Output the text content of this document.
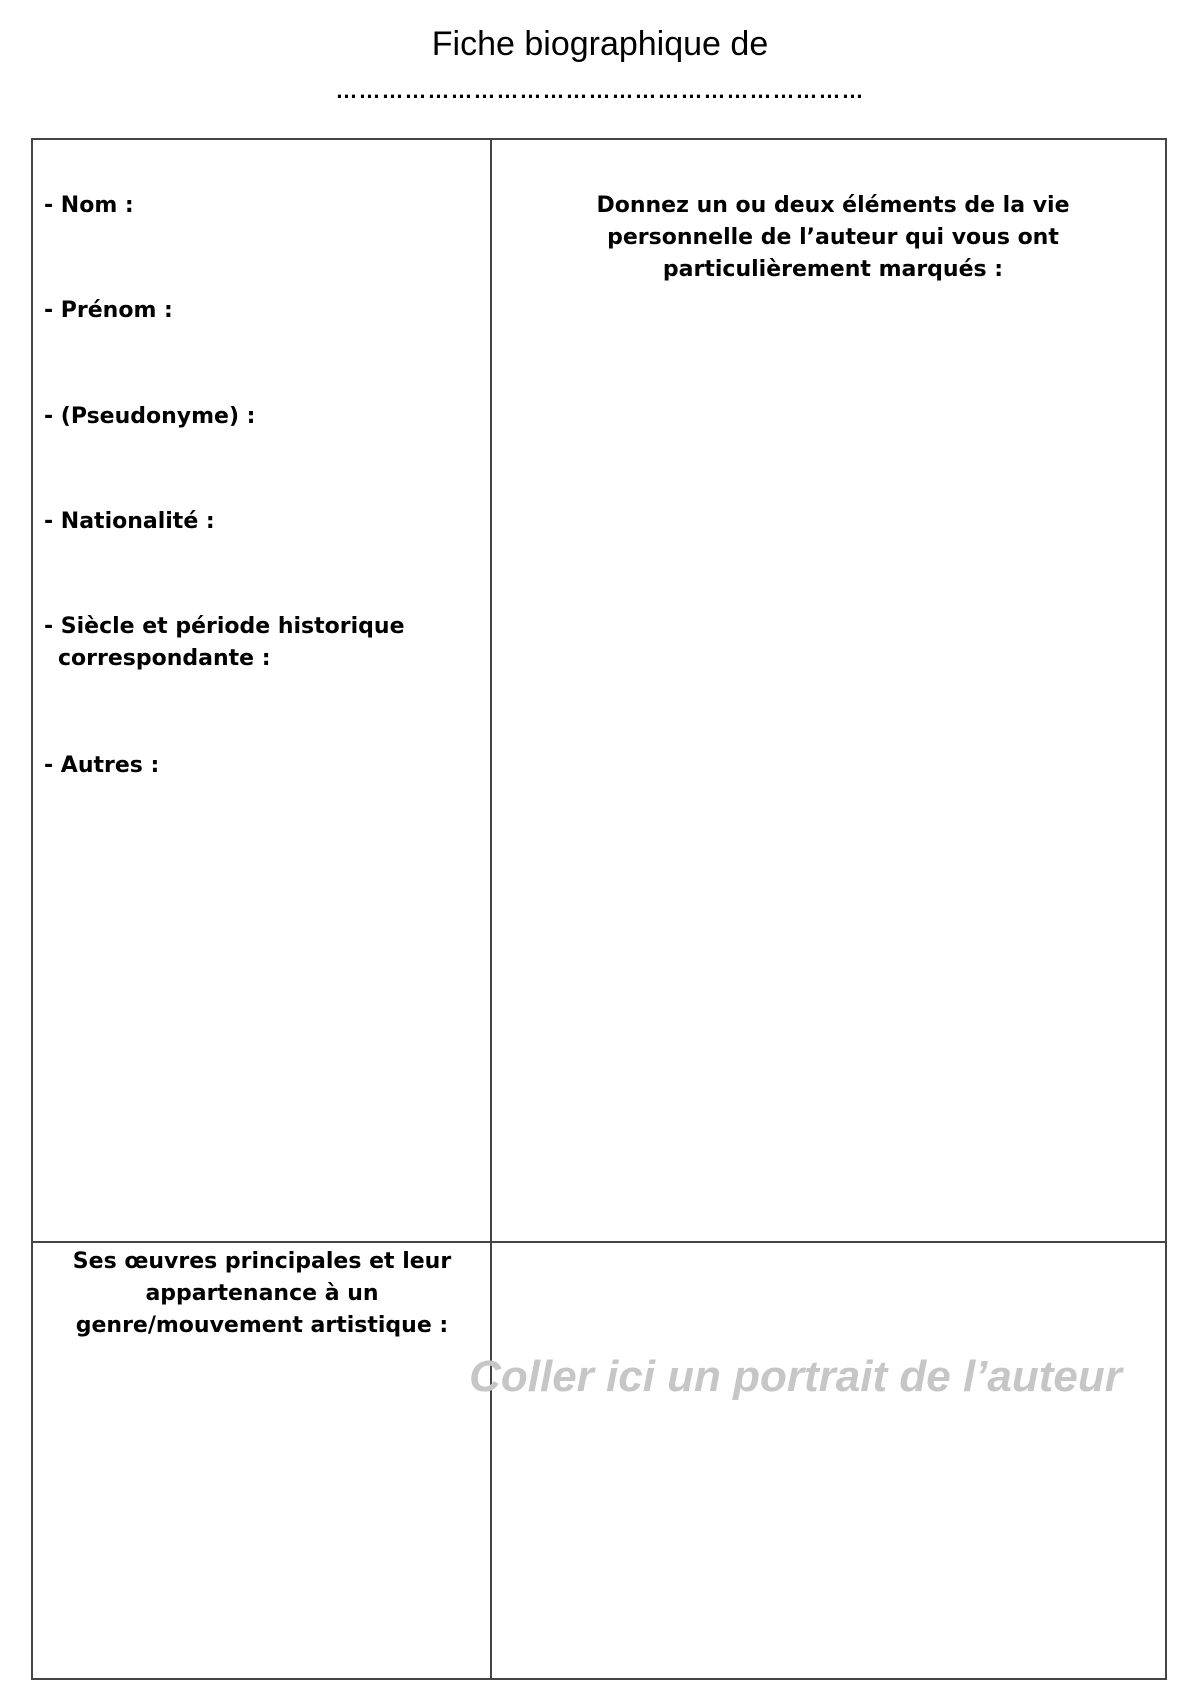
Fiche biographique de
……………………………………………………………
- Nom :
- Prénom :
- (Pseudonyme) :
- Nationalité :
- Siècle et période historique correspondante :
- Autres :
Donnez un ou deux éléments de la vie personnelle de l’auteur qui vous ont particulièrement marqués :
Ses œuvres principales et leur appartenance à un genre/mouvement artistique :
Coller ici un portrait de l’auteur
